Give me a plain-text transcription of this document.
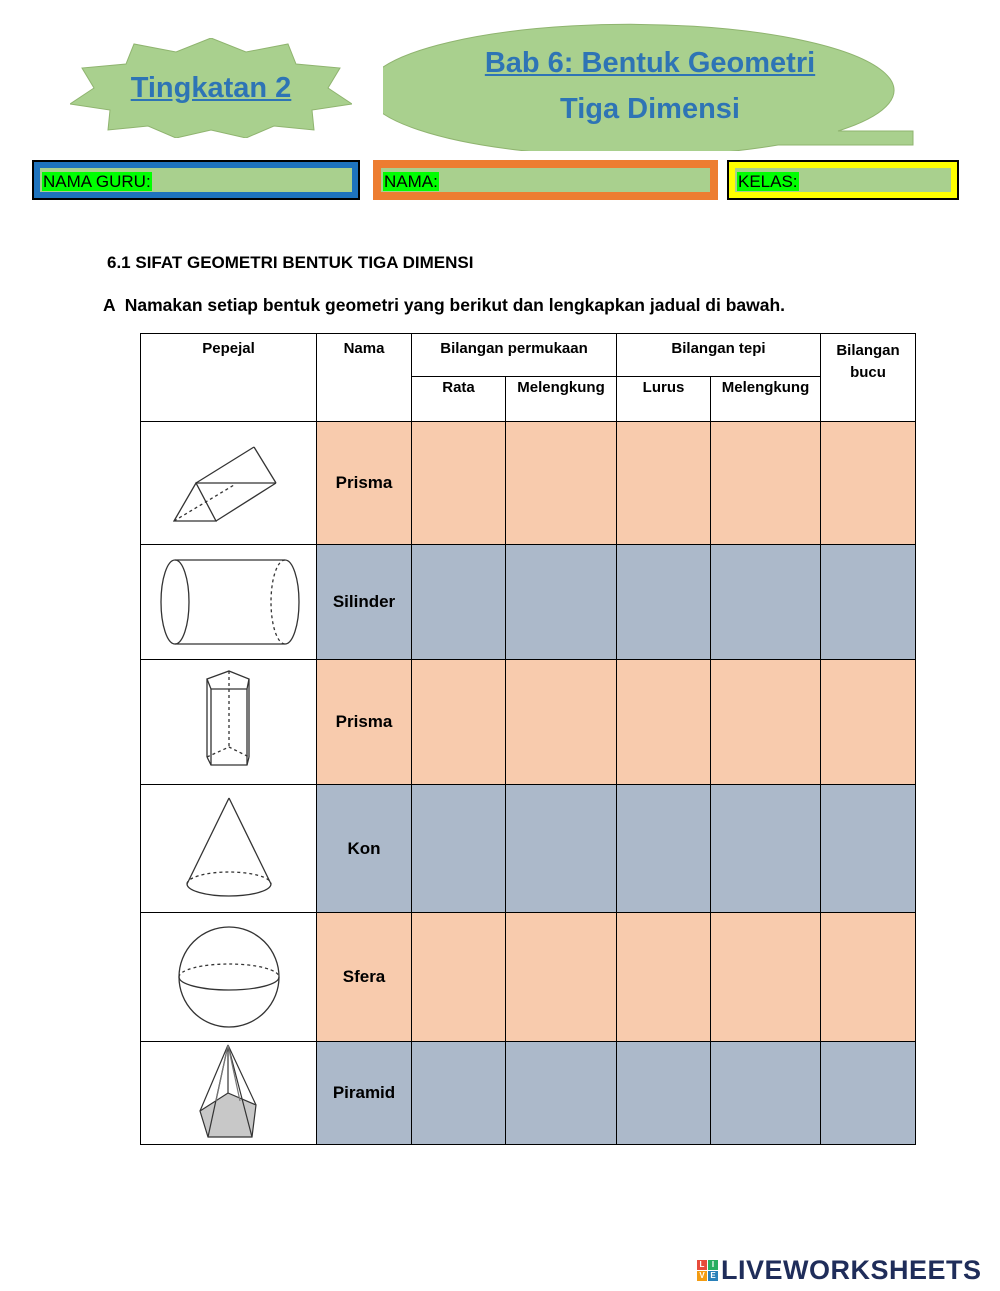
Tingkatan 2
Bab 6: Bentuk Geometri
Tiga Dimensi
NAMA GURU:	NAMA:	KELAS:
6.1 SIFAT GEOMETRI BENTUK TIGA DIMENSI
A  Namakan setiap bentuk geometri yang berikut dan lengkapkan jadual di bawah.
Pepejal	Nama	Bilangan permukaan		Bilangan tepi		Bilangan bucu
		Rata	Melengkung	Lurus	Melengkung	

	Prisma					

	Silinder					

	Prisma					

	Kon					

	Sfera					

	Piramid					
L I
V E LIVEWORKSHEETS
